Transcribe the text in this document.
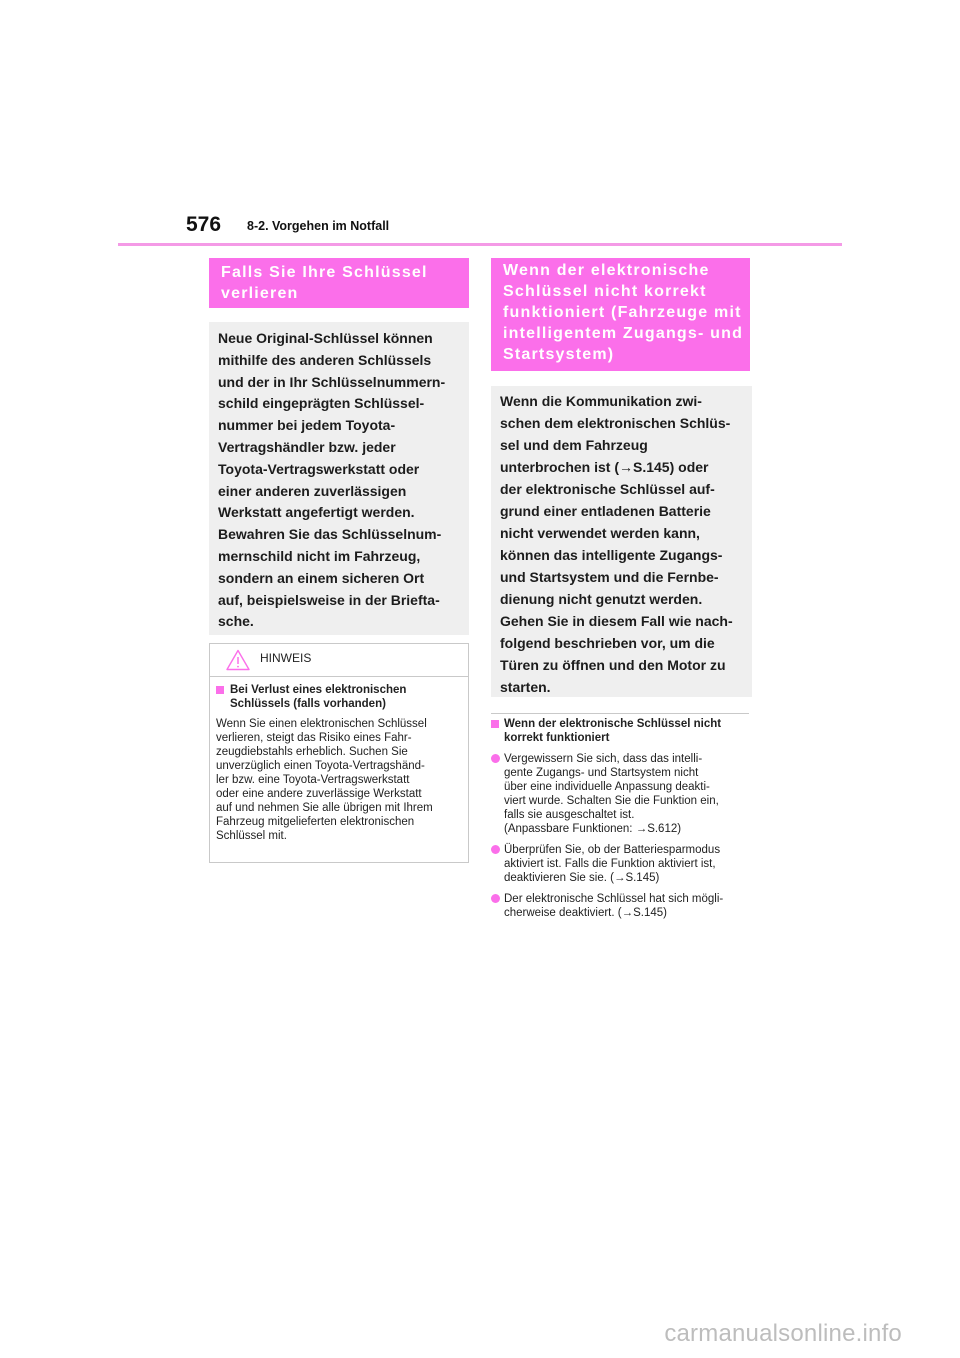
576 8-2. Vorgehen im Notfall
Falls Sie Ihre Schlüssel
verlieren
Neue Original-Schlüssel können
mithilfe des anderen Schlüssels
und der in Ihr Schlüsselnummern-
schild eingeprägten Schlüssel-
nummer bei jedem Toyota-
Vertragshändler bzw. jeder
Toyota-Vertragswerkstatt oder
einer anderen zuverlässigen
Werkstatt angefertigt werden.
Bewahren Sie das Schlüsselnum-
mernschild nicht im Fahrzeug,
sondern an einem sicheren Ort
auf, beispielsweise in der Briefta-
sche.
HINWEIS
Bei Verlust eines elektronischen
Schlüssels (falls vorhanden)
Wenn Sie einen elektronischen Schlüssel
verlieren, steigt das Risiko eines Fahr-
zeugdiebstahls erheblich. Suchen Sie
unverzüglich einen Toyota-Vertragshänd-
ler bzw. eine Toyota-Vertragswerkstatt
oder eine andere zuverlässige Werkstatt
auf und nehmen Sie alle übrigen mit Ihrem
Fahrzeug mitgelieferten elektronischen
Schlüssel mit.
Wenn der elektronische
Schlüssel nicht korrekt
funktioniert (Fahrzeuge mit
intelligentem Zugangs- und
Startsystem)
Wenn die Kommunikation zwi-
schen dem elektronischen Schlüs-
sel und dem Fahrzeug
unterbrochen ist (→S.145) oder
der elektronische Schlüssel auf-
grund einer entladenen Batterie
nicht verwendet werden kann,
können das intelligente Zugangs-
und Startsystem und die Fernbe-
dienung nicht genutzt werden.
Gehen Sie in diesem Fall wie nach-
folgend beschrieben vor, um die
Türen zu öffnen und den Motor zu
starten.
Wenn der elektronische Schlüssel nicht
korrekt funktioniert
Vergewissern Sie sich, dass das intelli-
gente Zugangs- und Startsystem nicht
über eine individuelle Anpassung deakti-
viert wurde. Schalten Sie die Funktion ein,
falls sie ausgeschaltet ist.
(Anpassbare Funktionen: →S.612)
Überprüfen Sie, ob der Batteriesparmodus
aktiviert ist. Falls die Funktion aktiviert ist,
deaktivieren Sie sie. (→S.145)
Der elektronische Schlüssel hat sich mögli-
cherweise deaktiviert. (→S.145)
carmanualsonline.info
